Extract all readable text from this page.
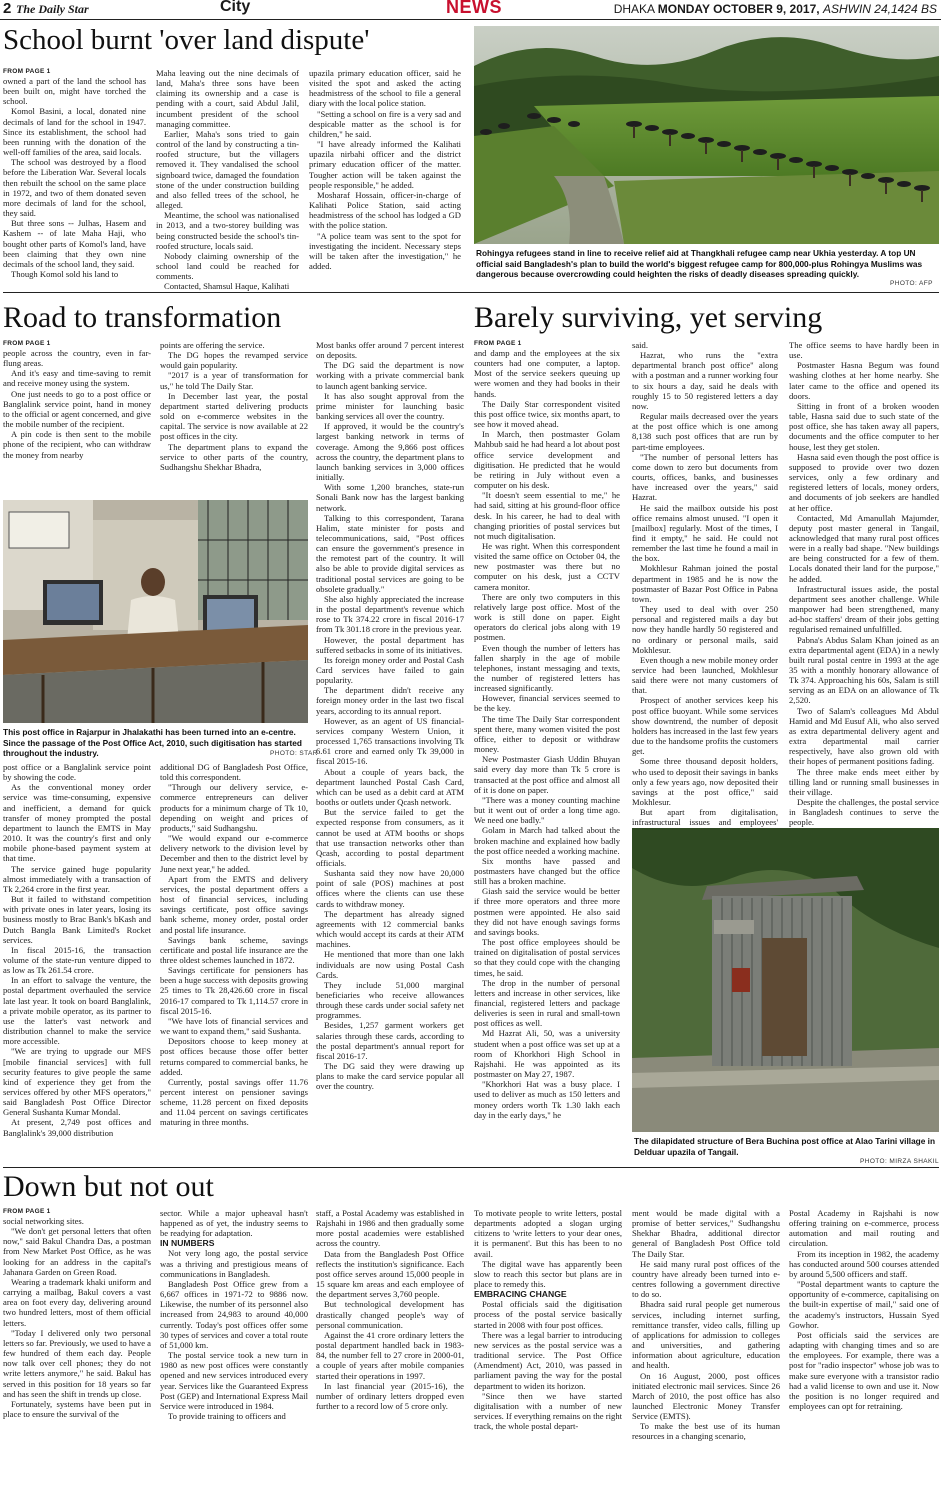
2 The Daily Star	City	NEWS	DHAKA MONDAY OCTOBER 9, 2017, ASHWIN 24,1424 BS
School burnt 'over land dispute'
FROM PAGE 1

owned a part of the land the school has been built on, might have torched the school.

Komol Basini, a local, donated nine decimals of land for the school in 1947. Since its establishment, the school had been running with the donation of the well-off families of the area, said locals.

The school was destroyed by a flood before the Liberation War. Several locals then rebuilt the school on the same place in 1972, and two of them donated seven more decimals of land for the school, they said.

But three sons -- Julhas, Hasem and Kashem -- of late Maha Haji, who bought other parts of Komol's land, have been claiming that they own nine decimals of the school land, they said.

Though Komol sold his land to

Maha leaving out the nine decimals of land, Maha's three sons have been claiming its ownership and a case is pending with a court, said Abdul Jalil, incumbent president of the school managing committee.

Earlier, Maha's sons tried to gain control of the land by constructing a tin-roofed structure, but the villagers removed it. They vandalised the school signboard twice, damaged the foundation stone of the under construction building and also felled trees of the school, he alleged.

Meantime, the school was nationalised in 2013, and a two-storey building was being constructed beside the school's tin-roofed structure, locals said.

Nobody claiming ownership of the school land could be reached for comments.

Contacted, Shamsul Haque, Kalihati

upazila primary education officer, said he visited the spot and asked the acting headmistress of the school to file a general diary with the local police station.

"Setting a school on fire is a very sad and despicable matter as the school is for children," he said.

"I have already informed the Kalihati upazila nirbahi officer and the district primary education officer of the matter. Tougher action will be taken against the people responsible," he added.

Mosharaf Hossain, officer-in-charge of Kalihati Police Station, said acting headmistress of the school has lodged a GD with the police station.

"A police team was sent to the spot for investigating the incident. Necessary steps will be taken after the investigation," he added.

Rohingya refugees stand in line to receive relief aid at Thangkhali refugee camp near Ukhia yesterday. A top UN official said Bangladesh's plan to build the world's biggest refugee camp for 800,000-plus Rohingya Muslims was dangerous because overcrowding could heighten the risks of deadly diseases spreading quickly.
PHOTO: AFP
Road to transformation
FROM PAGE 1

people across the country, even in far-flung areas.

And it's easy and time-saving to remit and receive money using the system.

One just needs to go to a post office or Banglalink service point, hand in money to the official or agent concerned, and give the mobile number of the recipient.

A pin code is then sent to the mobile phone of the recipient, who can withdraw the money from nearby

points are offering the service.

The DG hopes the revamped service would gain popularity.

"2017 is a year of transformation for us," he told The Daily Star.

In December last year, the postal department started delivering products sold on e-commerce websites in the capital. The service is now available at 22 post offices in the city.

The department plans to expand the service to other parts of the country, Sudhangshu Shekhar Bhadra,

This post office in Rajarpur in Jhalakathi has been turned into an e-centre. Since the passage of the Post Office Act, 2010, such digitisation has started throughout the industry.	PHOTO: STAR

post office or a Banglalink service point by showing the code.

As the conventional money order service was time-consuming, expensive and inefficient, a demand for quick transfer of money prompted the postal department to launch the EMTS in May 2010. It was the country's first and only mobile phone-based payment system at that time.

The service gained huge popularity almost immediately with a transaction of Tk 2,264 crore in the first year.

But it failed to withstand competition with private ones in later years, losing its business mostly to Brac Bank's bKash and Dutch Bangla Bank Limited's Rocket services.

In fiscal 2015-16, the transaction volume of the state-run venture dipped to as low as Tk 261.54 crore.

In an effort to salvage the venture, the postal department overhauled the service late last year. It took on board Banglalink, a private mobile operator, as its partner to use the latter's vast network and distribution channel to make the service more accessible.

"We are trying to upgrade our MFS [mobile financial services] with full security features to give people the same kind of experience they get from the services offered by other MFS operators," said Bangladesh Post Office Director General Sushanta Kumar Mondal.

At present, 2,749 post offices and Banglalink's 39,000 distribution

additional DG of Bangladesh Post Office, told this correspondent.

"Through our delivery service, e-commerce entrepreneurs can deliver products for a minimum charge of Tk 10, depending on weight and prices of products," said Sudhangshu.

"We would expand our e-commerce delivery network to the division level by December and then to the district level by June next year," he added.

Apart from the EMTS and delivery services, the postal department offers a host of financial services, including savings certificate, post office savings bank scheme, money order, postal order and postal life insurance.

Savings bank scheme, savings certificate and postal life insurance are the three oldest schemes launched in 1872.

Savings certificate for pensioners has been a huge success with deposits growing 25 times to Tk 28,426.60 crore in fiscal 2016-17 compared to Tk 1,114.57 crore in fiscal 2015-16.

"We have lots of financial services and we want to expand them," said Sushanta.

Depositors choose to keep money at post offices because those offer better returns compared to commercial banks, he added.

Currently, postal savings offer 11.76 percent interest on pensioner savings scheme, 11.28 percent on fixed deposits and 11.04 percent on savings certificates maturing in three months.

Most banks offer around 7 percent interest on deposits.

The DG said the department is now working with a private commercial bank to launch agent banking service.

It has also sought approval from the prime minister for launching basic banking services all over the country.

If approved, it would be the country's largest banking network in terms of coverage. Among the 9,866 post offices across the country, the department plans to launch banking services in 3,000 offices initially.

With some 1,200 branches, state-run Sonali Bank now has the largest banking network.

Talking to this correspondent, Tarana Halim, state minister for posts and telecommunications, said, "Post offices can ensure the government's presence in the remotest part of the country. It will also be able to provide digital services as traditional postal services are going to be obsolete gradually."

She also highly appreciated the increase in the postal department's revenue which rose to Tk 374.22 crore in fiscal 2016-17 from Tk 301.18 crore in the previous year.

However, the postal department has suffered setbacks in some of its initiatives.

Its foreign money order and Postal Cash Card services have failed to gain popularity.

The department didn't receive any foreign money order in the last two fiscal years, according to its annual report.

However, as an agent of US financial-services company Western Union, it processed 1,765 transactions involving Tk 6.61 crore and earned only Tk 39,000 in fiscal 2015-16.

About a couple of years back, the department launched Postal Cash Card, which can be used as a debit card at ATM booths or outlets under Qcash network.

But the service failed to get the expected response from consumers, as it cannot be used at ATM booths or shops that use transaction networks other than Qcash, according to postal department officials.

Sushanta said they now have 20,000 point of sale (POS) machines at post offices where the clients can use these cards to withdraw money.

The department has already signed agreements with 12 commercial banks which would accept its cards at their ATM machines.

He mentioned that more than one lakh individuals are now using Postal Cash Cards.

They include 51,000 marginal beneficiaries who receive allowances through these cards under social safety net programmes.

Besides, 1,257 garment workers get salaries through these cards, according to the postal department's annual report for fiscal 2016-17.

The DG said they were drawing up plans to make the card service popular all over the country.

Barely surviving, yet serving
FROM PAGE 1

and damp and the employees at the six counters had one computer, a laptop. Most of the service seekers queuing up were women and they had books in their hands.

The Daily Star correspondent visited this post office twice, six months apart, to see how it moved ahead.

In March, then postmaster Golam Mahbub said he had heard a lot about post office service development and digitisation. He predicted that he would be retiring in July without even a computer on his desk.

"It doesn't seem essential to me," he had said, sitting at his ground-floor office desk. In his career, he had to deal with changing priorities of postal services but not much digitalisation.

He was right. When this correspondent visited the same office on October 04, the new postmaster was there but no computer on his desk, just a CCTV camera monitor.

There are only two computers in this relatively large post office. Most of the work is still done on paper. Eight operators do clerical jobs along with 19 postmen.

Even though the number of letters has fallen sharply in the age of mobile telephones, instant messaging and texts, the number of registered letters has increased significantly.

However, financial services seemed to be the key.

The time The Daily Star correspondent spent there, many women visited the post office, either to deposit or withdraw money.

New Postmaster Giash Uddin Bhuyan said every day more than Tk 5 crore is transacted at the post office and almost all of it is done on paper.

"There was a money counting machine but it went out of order a long time ago. We need one badly."

Golam in March had talked about the broken machine and explained how badly the post office needed a working machine.

Six months have passed and postmasters have changed but the office still has a broken machine.

Giash said the service would be better if three more operators and three more postmen were appointed. He also said they did not have enough savings forms and savings books.

The post office employees should be trained on digitalisation of postal services so that they could cope with the changing times, he said.

The drop in the number of personal letters and increase in other services, like financial, registered letters and package deliveries is seen in rural and small-town post offices as well.

Md Hazrat Ali, 50, was a university student when a post office was set up at a room of Khorkhori High School in Rajshahi. He was appointed as its postmaster on May 27, 1987.

"Khorkhori Hat was a busy place. I used to deliver as much as 150 letters and money orders worth Tk 1.30 lakh each day in the early days," he

said.

Hazrat, who runs the "extra departmental branch post office" along with a postman and a runner working four to six hours a day, said he deals with roughly 15 to 50 registered letters a day now.

Regular mails decreased over the years at the post office which is one among 8,138 such post offices that are run by part-time employees.

"The number of personal letters has come down to zero but documents from courts, offices, banks, and businesses have increased over the years," said Hazrat.

He said the mailbox outside his post office remains almost unused. "I open it [mailbox] regularly. Most of the times, I find it empty," he said. He could not remember the last time he found a mail in the box.

Mokhlesur Rahman joined the postal department in 1985 and he is now the postmaster of Bazar Post Office in Pabna town.

They used to deal with over 250 personal and registered mails a day but now they handle hardly 50 registered and no ordinary or personal mails, said Mokhlesur.

Even though a new mobile money order service had been launched, Mokhlesur said there were not many customers of that.

Prospect of another services keep his post office buoyant. While some services show downtrend, the number of deposit holders has increased in the last few years due to the handsome profits the customers get.

Some three thousand deposit holders, who used to deposit their savings in banks only a few years ago, now deposited their savings at the post office," said Mokhlesur.

But apart from digitalisation, infrastructural issues and employees'

The office seems to have hardly been in use.

Postmaster Hasna Begum was found washing clothes at her home nearby. She later came to the office and opened its doors.

Sitting in front of a broken wooden table, Hasna said due to such state of the post office, she has taken away all papers, documents and the office computer to her house, lest they get stolen.

Hasna said even though the post office is supposed to provide over two dozen services, only a few ordinary and registered letters of locals, money orders, and documents of job seekers are handled at her office.

Contacted, Md Amanullah Majumder, deputy post master general in Tangail, acknowledged that many rural post offices were in a really bad shape. "New buildings are being constructed for a few of them. Locals donated their land for the purpose," he added.

Infrastructural issues aside, the postal department sees another challenge. While manpower had been strengthened, many ad-hoc staffers' dream of their jobs getting regularised remained unfulfilled.

Pabna's Abdus Salam Khan joined as an extra departmental agent (EDA) in a newly built rural postal centre in 1993 at the age 35 with a monthly honorary allowance of Tk 374. Approaching his 60s, Salam is still serving as an EDA on an allowance of Tk 2,520.

Two of Salam's colleagues Md Abdul Hamid and Md Eusuf Ali, who also served as extra departmental delivery agent and extra departmental mail carrier respectively, have also grown old with their hopes of permanent positions fading.

The three make ends meet either by tilling land or running small businesses in their village.

Despite the challenges, the postal service in Bangladesh continues to serve the people.

The dilapidated structure of Bera Buchina post office at Alao Tarini village in Delduar upazila of Tangail.
PHOTO: MIRZA SHAKIL
Down but not out
FROM PAGE 1

social networking sites.

"We don't get personal letters that often now," said Bakul Chandra Das, a postman from New Market Post Office, as he was looking for an address in the capital's Jahanara Garden on Green Road.

Wearing a trademark khaki uniform and carrying a mailbag, Bakul covers a vast area on foot every day, delivering around two hundred letters, most of them official letters.

"Today I delivered only two personal letters so far. Previously, we used to have a few hundred of them each day. People now talk over cell phones; they do not write letters anymore," he said. Bakul has served in this position for 18 years so far and has seen the shift in trends up close.

Fortunately, systems have been put in place to ensure the survival of the

sector. While a major upheaval hasn't happened as of yet, the industry seems to be readying for adaptation.

IN NUMBERS

Not very long ago, the postal service was a thriving and prestigious means of communications in Bangladesh.

Bangladesh Post Office grew from a 6,667 offices in 1971-72 to 9886 now. Likewise, the number of its personnel also increased from 24,983 to around 40,000 currently. Today's post offices offer some 30 types of services and cover a total route of 51,000 km.

The postal service took a new turn in 1980 as new post offices were constantly opened and new services introduced every year. Services like the Guaranteed Express Post (GEP) and International Express Mail Service were introduced in 1984.

To provide training to officers and

staff, a Postal Academy was established in Rajshahi in 1986 and then gradually some more postal academies were established across the country.

Data from the Bangladesh Post Office reflects the institution's significance. Each post office serves around 15,000 people in 15 square km areas and each employee of the department serves 3,760 people.

But technological development has drastically changed people's way of personal communication.

Against the 41 crore ordinary letters the postal department handled back in 1983-84, the number fell to 27 crore in 2000-01, a couple of years after mobile companies started their operations in 1997.

In last financial year (2015-16), the number of ordinary letters dropped even further to a record low of 5 crore only.

To motivate people to write letters, postal departments adopted a slogan urging citizens to 'write letters to your dear ones, it is permanent'. But this has been to no avail.

The digital wave has apparently been slow to reach this sector but plans are in place to remedy this.

EMBRACING CHANGE

Postal officials said the digitisation process of the postal service basically started in 2008 with four post offices.

There was a legal barrier to introducing new services as the postal service was a traditional service. The Post Office (Amendment) Act, 2010, was passed in parliament paving the way for the postal department to widen its horizon.

"Since then we have started digitalisation with a number of new services. If everything remains on the right track, the whole postal depart-

ment would be made digital with a promise of better services," Sudhangshu Shekhar Bhadra, additional director general of Bangladesh Post Office told The Daily Star.

He said many rural post offices of the country have already been turned into e-centres following a government directive to do so.

Bhadra said rural people get numerous services, including internet surfing, remittance transfer, video calls, filling up of applications for admission to colleges and universities, and gathering information about agriculture, education and health.

On 16 August, 2000, post offices initiated electronic mail services. Since 26 March of 2010, the post office has also launched Electronic Money Transfer Service (EMTS).

To make the best use of its human resources in a changing scenario,

Postal Academy in Rajshahi is now offering training on e-commerce, process automation and mail routing and circulation.

From its inception in 1982, the academy has conducted around 500 courses attended by around 5,500 officers and staff.

"Postal department wants to capture the opportunity of e-commerce, capitalising on the built-in expertise of mail," said one of the academy's instructors, Hussain Syed Gowhor.

Post officials said the services are adapting with changing times and so are the employees. For example, there was a post for "radio inspector" whose job was to make sure everyone with a transistor radio had a valid license to own and use it. Now the position is no longer required and employees can opt for retraining.
